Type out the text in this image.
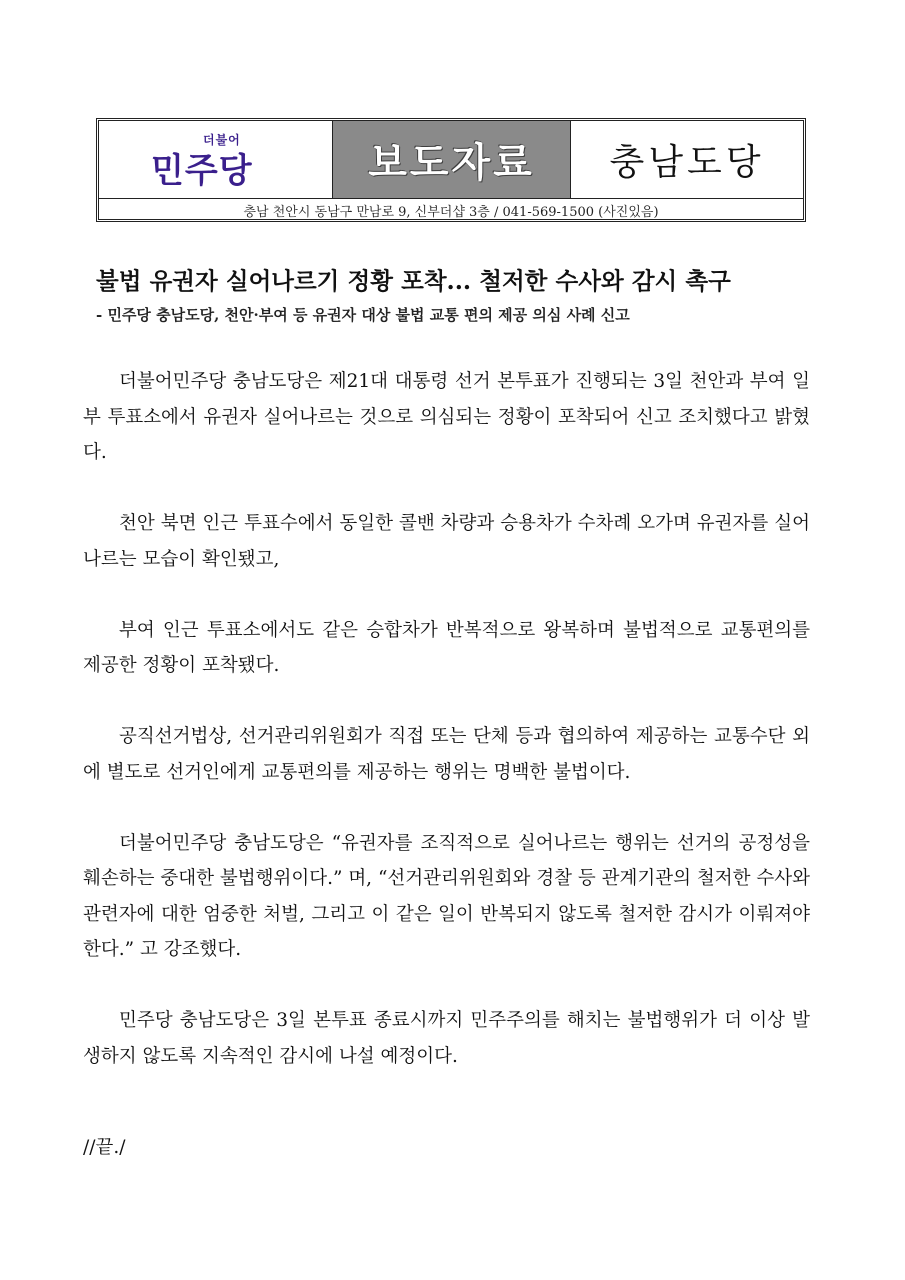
더불어
민주당	보도자료 충남도당
충남 천안시 동남구 만남로 9, 신부더샵 3층 / 041-569-1500 (사진있음)
불법 유권자 실어나르기 정황 포착... 철저한 수사와 감시 촉구
- 민주당 충남도당, 천안·부여 등 유권자 대상 불법 교통 편의 제공 의심 사례 신고

더불어민주당 충남도당은 제21대 대통령 선거 본투표가 진행되는 3일 천안과 부여 일부 투표소에서 유권자 실어나르는 것으로 의심되는 정황이 포착되어 신고 조치했다고 밝혔다.

천안 북면 인근 투표수에서 동일한 콜밴 차량과 승용차가 수차례 오가며 유권자를 실어나르는 모습이 확인됐고,

부여 인근 투표소에서도 같은 승합차가 반복적으로 왕복하며 불법적으로 교통편의를 제공한 정황이 포착됐다.

공직선거법상, 선거관리위원회가 직접 또는 단체 등과 협의하여 제공하는 교통수단 외에 별도로 선거인에게 교통편의를 제공하는 행위는 명백한 불법이다.

더불어민주당 충남도당은 “유권자를 조직적으로 실어나르는 행위는 선거의 공정성을 훼손하는 중대한 불법행위이다.” 며, “선거관리위원회와 경찰 등 관계기관의 철저한 수사와 관련자에 대한 엄중한 처벌, 그리고 이 같은 일이 반복되지 않도록 철저한 감시가 이뤄져야 한다.” 고 강조했다.

민주당 충남도당은 3일 본투표 종료시까지 민주주의를 해치는 불법행위가 더 이상 발생하지 않도록 지속적인 감시에 나설 예정이다.

//끝./
